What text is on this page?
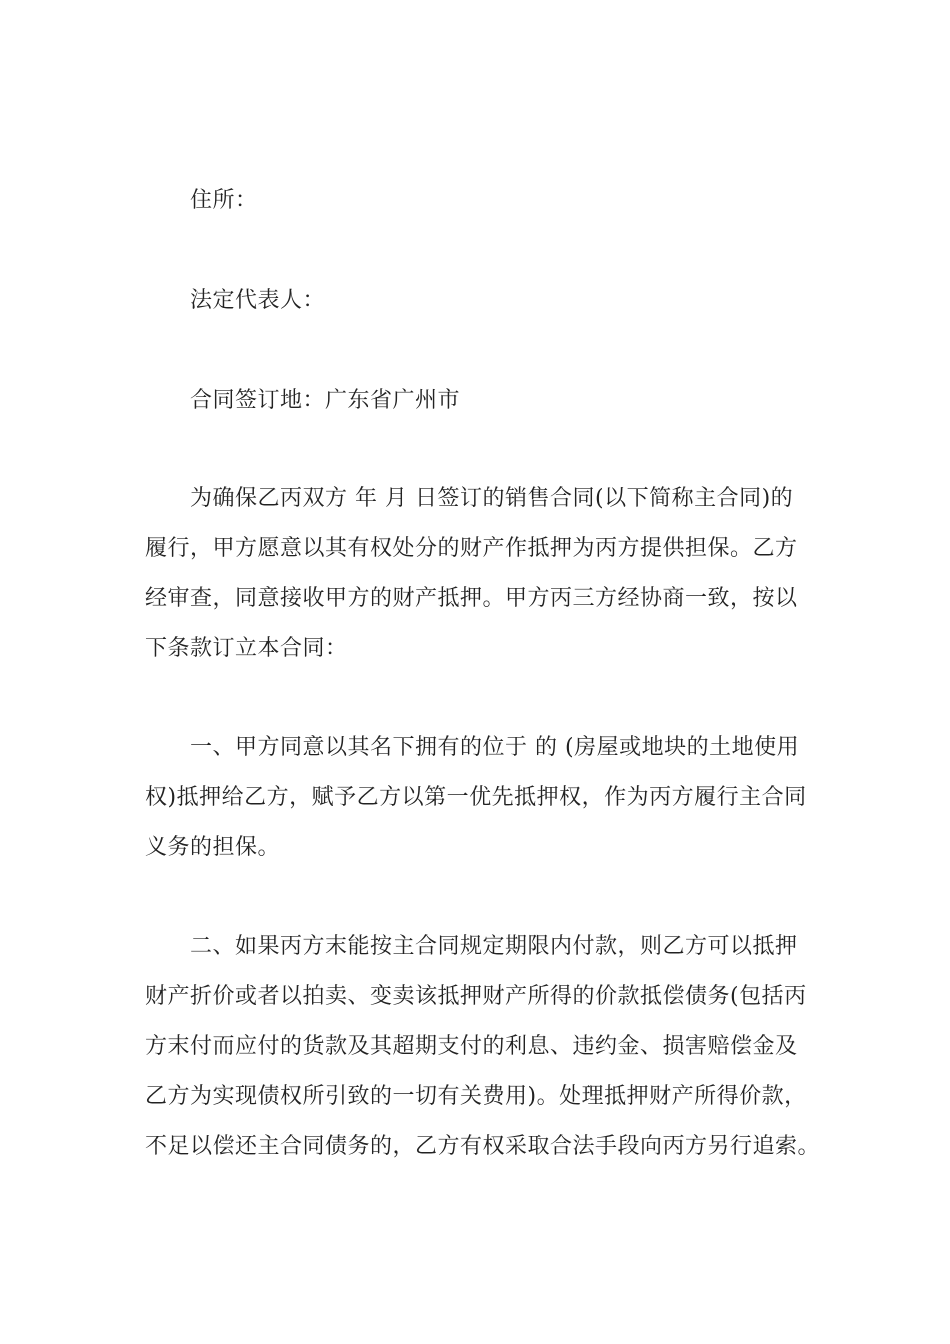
住所：
法定代表人：
合同签订地：广东省广州市
为确保乙丙双方 年 月 日签订的销售合同(以下简称主合同)的
履行，甲方愿意以其有权处分的财产作抵押为丙方提供担保。乙方
经审查，同意接收甲方的财产抵押。甲方丙三方经协商一致，按以
下条款订立本合同：
一、甲方同意以其名下拥有的位于 的 (房屋或地块的土地使用
权)抵押给乙方，赋予乙方以第一优先抵押权，作为丙方履行主合同
义务的担保。
二、如果丙方末能按主合同规定期限内付款，则乙方可以抵押
财产折价或者以拍卖、变卖该抵押财产所得的价款抵偿债务(包括丙
方末付而应付的货款及其超期支付的利息、违约金、损害赔偿金及
乙方为实现债权所引致的一切有关费用)。处理抵押财产所得价款，
不足以偿还主合同债务的，乙方有权采取合法手段向丙方另行追索。
